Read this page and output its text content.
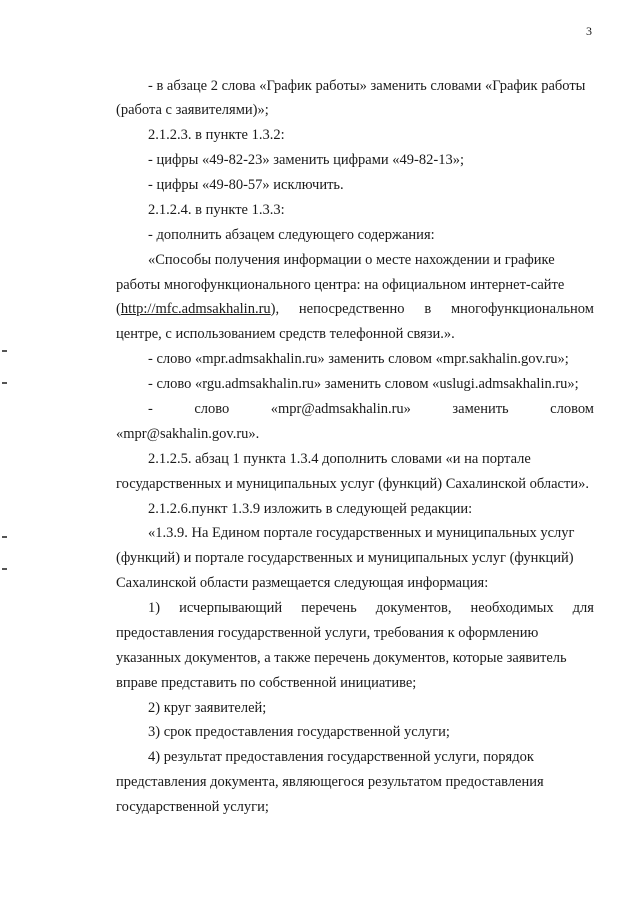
3
- в абзаце 2 слова «График работы» заменить словами «График работы
(работа с заявителями)»;
2.1.2.3. в пункте 1.3.2:
- цифры «49-82-23» заменить цифрами «49-82-13»;
- цифры «49-80-57» исключить.
2.1.2.4. в пункте 1.3.3:
- дополнить абзацем следующего содержания:
«Способы получения информации о месте нахождении и графике
работы многофункционального центра: на официальном интернет-сайте
(http://mfc.admsakhalin.ru), непосредственно в многофункциональном
центре, с использованием средств телефонной связи.».
- слово «mpr.admsakhalin.ru» заменить словом «mpr.sakhalin.gov.ru»;
- слово «rgu.admsakhalin.ru» заменить словом «uslugi.admsakhalin.ru»;
-	слово	«mpr@admsakhalin.ru»	заменить	словом
«mpr@sakhalin.gov.ru».
2.1.2.5. абзац 1 пункта 1.3.4 дополнить словами «и на портале
государственных и муниципальных услуг (функций) Сахалинской области».
2.1.2.6.пункт 1.3.9 изложить в следующей редакции:
«1.3.9. На Едином портале государственных и муниципальных услуг
(функций) и портале государственных и муниципальных услуг (функций)
Сахалинской области размещается следующая информация:
1) исчерпывающий перечень документов, необходимых для
предоставления государственной услуги, требования к оформлению
указанных документов, а также перечень документов, которые заявитель
вправе представить по собственной инициативе;
2) круг заявителей;
3) срок предоставления государственной услуги;
4) результат предоставления государственной услуги, порядок
представления документа, являющегося результатом предоставления
государственной услуги;
